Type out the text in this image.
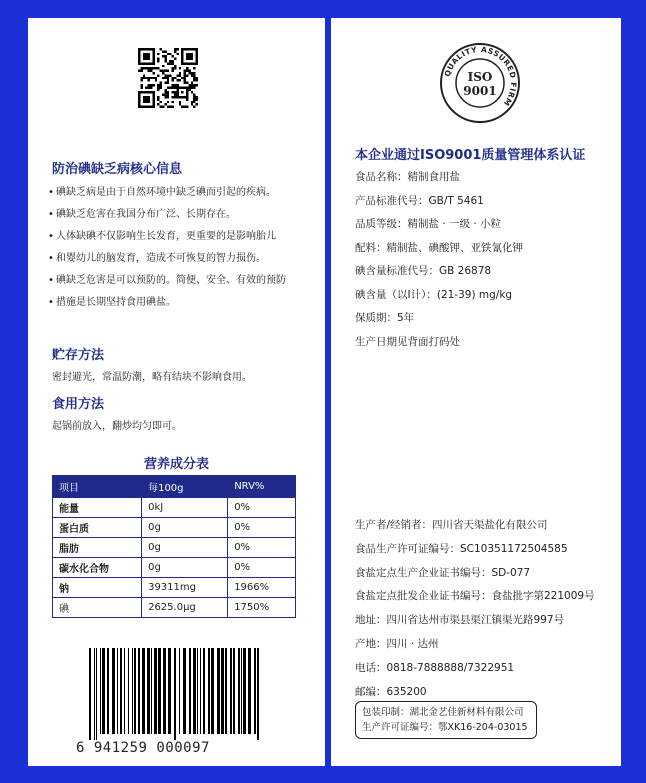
防治碘缺乏病核心信息
• 碘缺乏病是由于自然环境中缺乏碘而引起的疾病。
• 碘缺乏危害在我国分布广泛、长期存在。
• 人体缺碘不仅影响生长发育，更重要的是影响胎儿
• 和婴幼儿的脑发育，造成不可恢复的智力损伤。
• 碘缺乏危害是可以预防的。简便、安全、有效的预防
• 措施是长期坚持食用碘盐。
贮存方法
密封避光，常温防潮，略有结块不影响食用。
食用方法
起锅前放入，翻炒均匀即可。
营养成分表
项目	每100g	NRV%
能量	0kJ	0%
蛋白质	0g	0%
脂肪	0g	0%
碳水化合物	0g	0%
钠	39311mg	1966%
碘	2625.0μg	1750%
6 941259 000097
QUALITY ASSURED FIRM
ISO
9001
本企业通过ISO9001质量管理体系认证
食品名称：精制食用盐
产品标准代号：GB/T 5461
品质等级：精制盐 · 一级 · 小粒
配料：精制盐、碘酸钾、亚铁氰化钾
碘含量标准代号：GB 26878
碘含量（以I计）：(21-39) mg/kg
保质期：5年
生产日期见背面打码处
生产者/经销者：四川省天渠盐化有限公司
食品生产许可证编号：SC10351172504585
食盐定点生产企业证书编号：SD-077
食盐定点批发企业证书编号：食盐批字第221009号
地址：四川省达州市渠县渠江镇渠光路997号
产地：四川 · 达州
电话：0818-7888888/7322951
邮编：635200
包装印制：湖北金艺佳新材料有限公司
生产许可证编号：鄂XK16-204-03015
